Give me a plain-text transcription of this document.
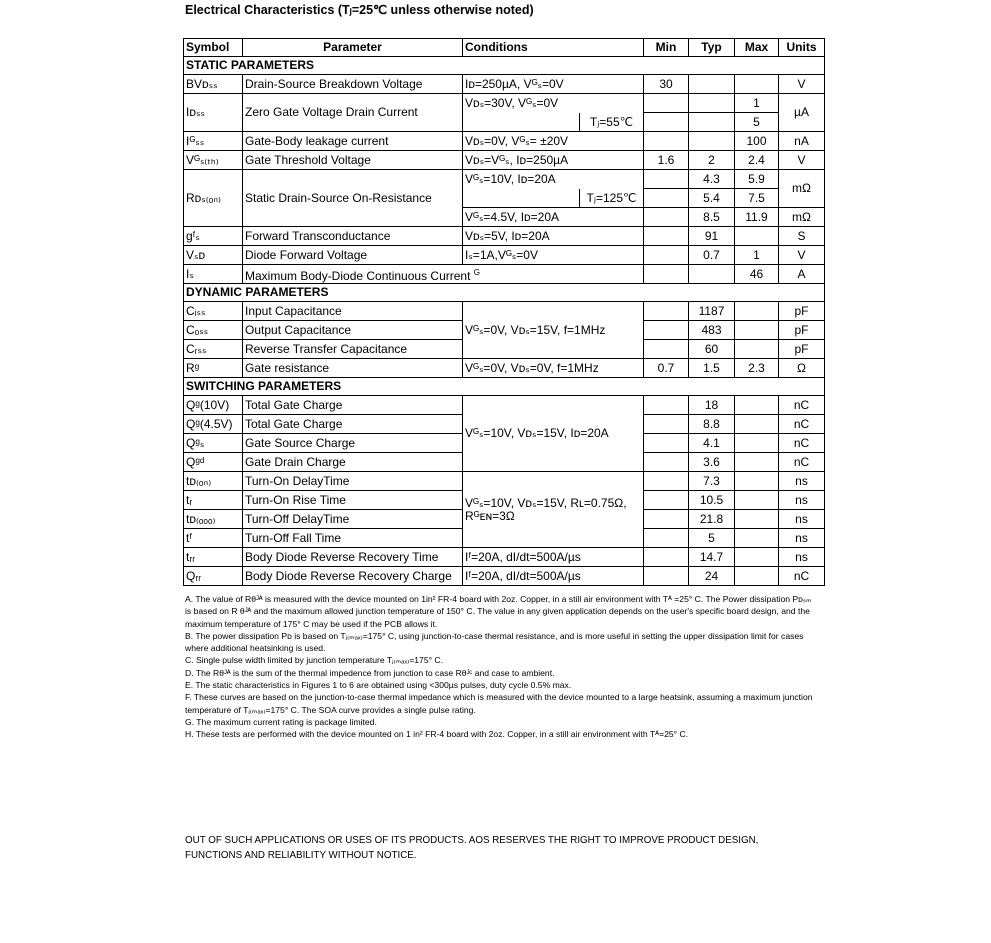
Electrical Characteristics (Tⱼ=25℃ unless otherwise noted)
Symbol	Parameter	Conditions		Min	Typ	Max	Units
STATIC PARAMETERS							
BVᴅₛₛ	Drain-Source Breakdown Voltage	Iᴅ=250µA, Vᴳₛ=0V		30			V
Iᴅₛₛ	Zero Gate Voltage Drain Current	Vᴅₛ=30V, Vᴳₛ=0V				1	µA
			Tⱼ=55℃			5	
Iᴳₛₛ	Gate-Body leakage current	Vᴅₛ=0V, Vᴳₛ= ±20V				100	nA
Vᴳₛ₍ₜₕ₎	Gate Threshold Voltage	Vᴅₛ=Vᴳₛ, Iᴅ=250µA		1.6	2	2.4	V
Rᴅₛ₍ₒₙ₎	Static Drain-Source On-Resistance	Vᴳₛ=10V, Iᴅ=20A			4.3	5.9	mΩ
			Tⱼ=125℃		5.4	7.5	
		Vᴳₛ=4.5V, Iᴅ=20A			8.5	11.9	mΩ
gᶠₛ	Forward Transconductance	Vᴅₛ=5V, Iᴅ=20A			91		S
Vₛᴅ	Diode Forward Voltage	Iₛ=1A,Vᴳₛ=0V			0.7	1	V
Iₛ	Maximum Body-Diode Continuous Current $^G$					46	A
DYNAMIC PARAMETERS							
Cᵢₛₛ	Input Capacitance	Vᴳₛ=0V, Vᴅₛ=15V, f=1MHz			1187		pF
Cₒₛₛ	Output Capacitance				483		pF
Cᵣₛₛ	Reverse Transfer Capacitance				60		pF
Rᵍ	Gate resistance	Vᴳₛ=0V, Vᴅₛ=0V, f=1MHz		0.7	1.5	2.3	Ω
SWITCHING PARAMETERS							
Qᵍ(10V)	Total Gate Charge	Vᴳₛ=10V, Vᴅₛ=15V, Iᴅ=20A			18		nC
Qᵍ(4.5V)	Total Gate Charge				8.8		nC
Qᵍₛ	Gate Source Charge				4.1		nC
Qᵍᵈ	Gate Drain Charge				3.6		nC
tᴅ₍ₒₙ₎	Turn-On DelayTime	Vᴳₛ=10V, Vᴅₛ=15V, Rʟ=0.75Ω,
Rᴳᴇɴ=3Ω			7.3		ns
tᵣ	Turn-On Rise Time				10.5		ns
tᴅ₍ₒₒₒ₎	Turn-Off DelayTime				21.8		ns
tᶠ	Turn-Off Fall Time				5		ns
tᵣᵣ	Body Diode Reverse Recovery Time	Iᶠ=20A, dI/dt=500A/µs			14.7		ns
Qᵣᵣ	Body Diode Reverse Recovery Charge	Iᶠ=20A, dI/dt=500A/µs			24		nC

A. The value of Rθᴶᴬ is measured with the device mounted on 1in² FR-4 board with 2oz. Copper, in a still air environment with Tᴬ =25° C. The Power dissipation Pᴅₛₘ is based on R θᴶᴬ and the maximum allowed junction temperature of 150° C. The value in any given application depends on the user's specific board design, and the maximum temperature of 175° C may be used if the PCB allows it.

B. The power dissipation Pᴅ is based on Tⱼ₍ₘₐₓ₎=175° C, using junction-to-case thermal resistance, and is more useful in setting the upper dissipation limit for cases where additional heatsinking is used.

C. Single pulse width limited by junction temperature Tⱼ₍ₘₐₓ₎=175° C.

D. The Rθᴶᴬ is the sum of the thermal impedence from junction to case Rθᴶᶜ and case to ambient.

E. The static characteristics in Figures 1 to 6 are obtained using <300µs pulses, duty cycle 0.5% max.

F. These curves are based on the junction-to-case thermal impedance which is measured with the device mounted to a large heatsink, assuming a maximum junction temperature of Tⱼ₍ₘₐₓ₎=175° C. The SOA curve provides a single pulse rating.

G. The maximum current rating is package limited.

H. These tests are performed with the device mounted on 1 in² FR-4 board with 2oz. Copper, in a still air environment with Tᴬ=25° C.

OUT OF SUCH APPLICATIONS OR USES OF ITS PRODUCTS. AOS RESERVES THE RIGHT TO IMPROVE PRODUCT DESIGN,

FUNCTIONS AND RELIABILITY WITHOUT NOTICE.
